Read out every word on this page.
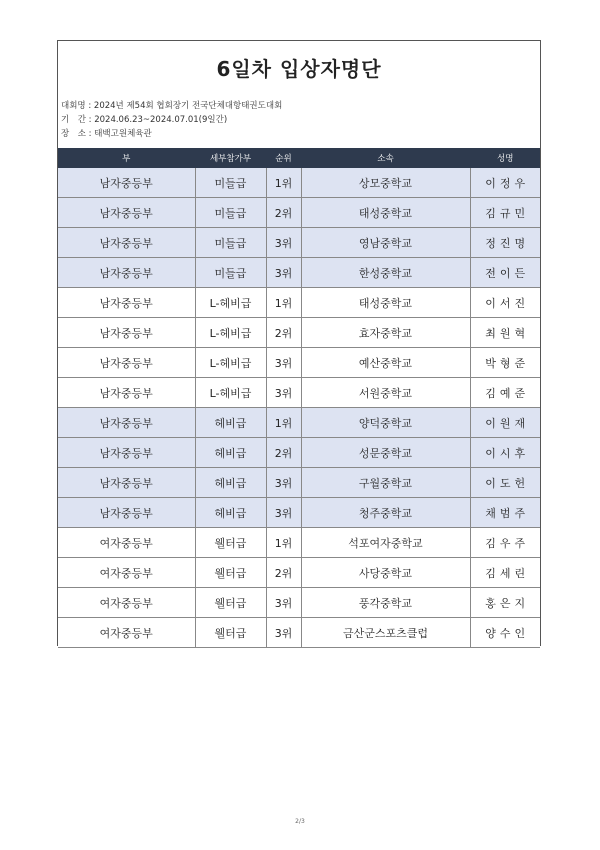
6일차 입상자명단
대회명 : 2024년 제54회 협회장기 전국단체대항태권도대회
기　간 : 2024.06.23~2024.07.01(9일간)
장　소 : 태백고원체육관
부	세부참가부	순위	소속	성명
남자중등부	미들급	1위	상모중학교	이정우
남자중등부	미들급	2위	태성중학교	김규민
남자중등부	미들급	3위	영남중학교	정진명
남자중등부	미들급	3위	한성중학교	전이든
남자중등부	L-헤비급	1위	태성중학교	이서진
남자중등부	L-헤비급	2위	효자중학교	최원혁
남자중등부	L-헤비급	3위	예산중학교	박형준
남자중등부	L-헤비급	3위	서원중학교	김예준
남자중등부	헤비급	1위	양덕중학교	이원재
남자중등부	헤비급	2위	성문중학교	이시후
남자중등부	헤비급	3위	구월중학교	이도헌
남자중등부	헤비급	3위	청주중학교	채범주
여자중등부	웰터급	1위	석포여자중학교	김우주
여자중등부	웰터급	2위	사당중학교	김세린
여자중등부	웰터급	3위	풍각중학교	홍은지
여자중등부	웰터급	3위	금산군스포츠클럽	양수인
2/3
